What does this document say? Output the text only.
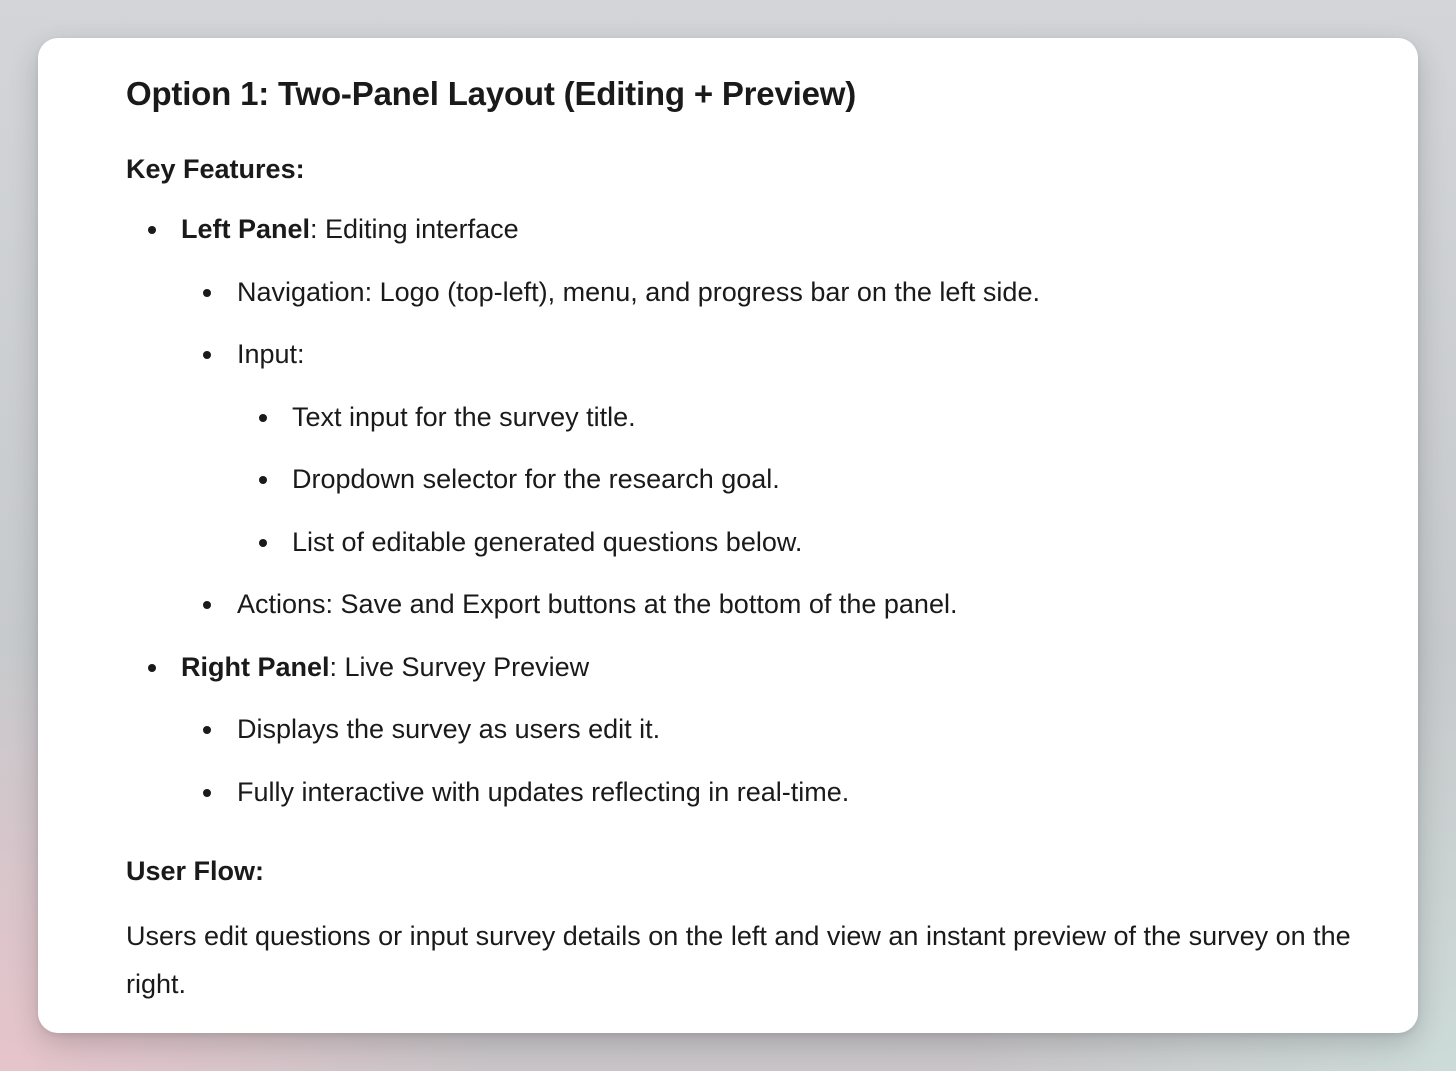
Option 1: Two-Panel Layout (Editing + Preview)
Key Features:
Left Panel: Editing interface
Navigation: Logo (top-left), menu, and progress bar on the left side.
Input:
Text input for the survey title.
Dropdown selector for the research goal.
List of editable generated questions below.
Actions: Save and Export buttons at the bottom of the panel.
Right Panel: Live Survey Preview
Displays the survey as users edit it.
Fully interactive with updates reflecting in real-time.
User Flow:
Users edit questions or input survey details on the left and view an instant preview of the survey on the right.
